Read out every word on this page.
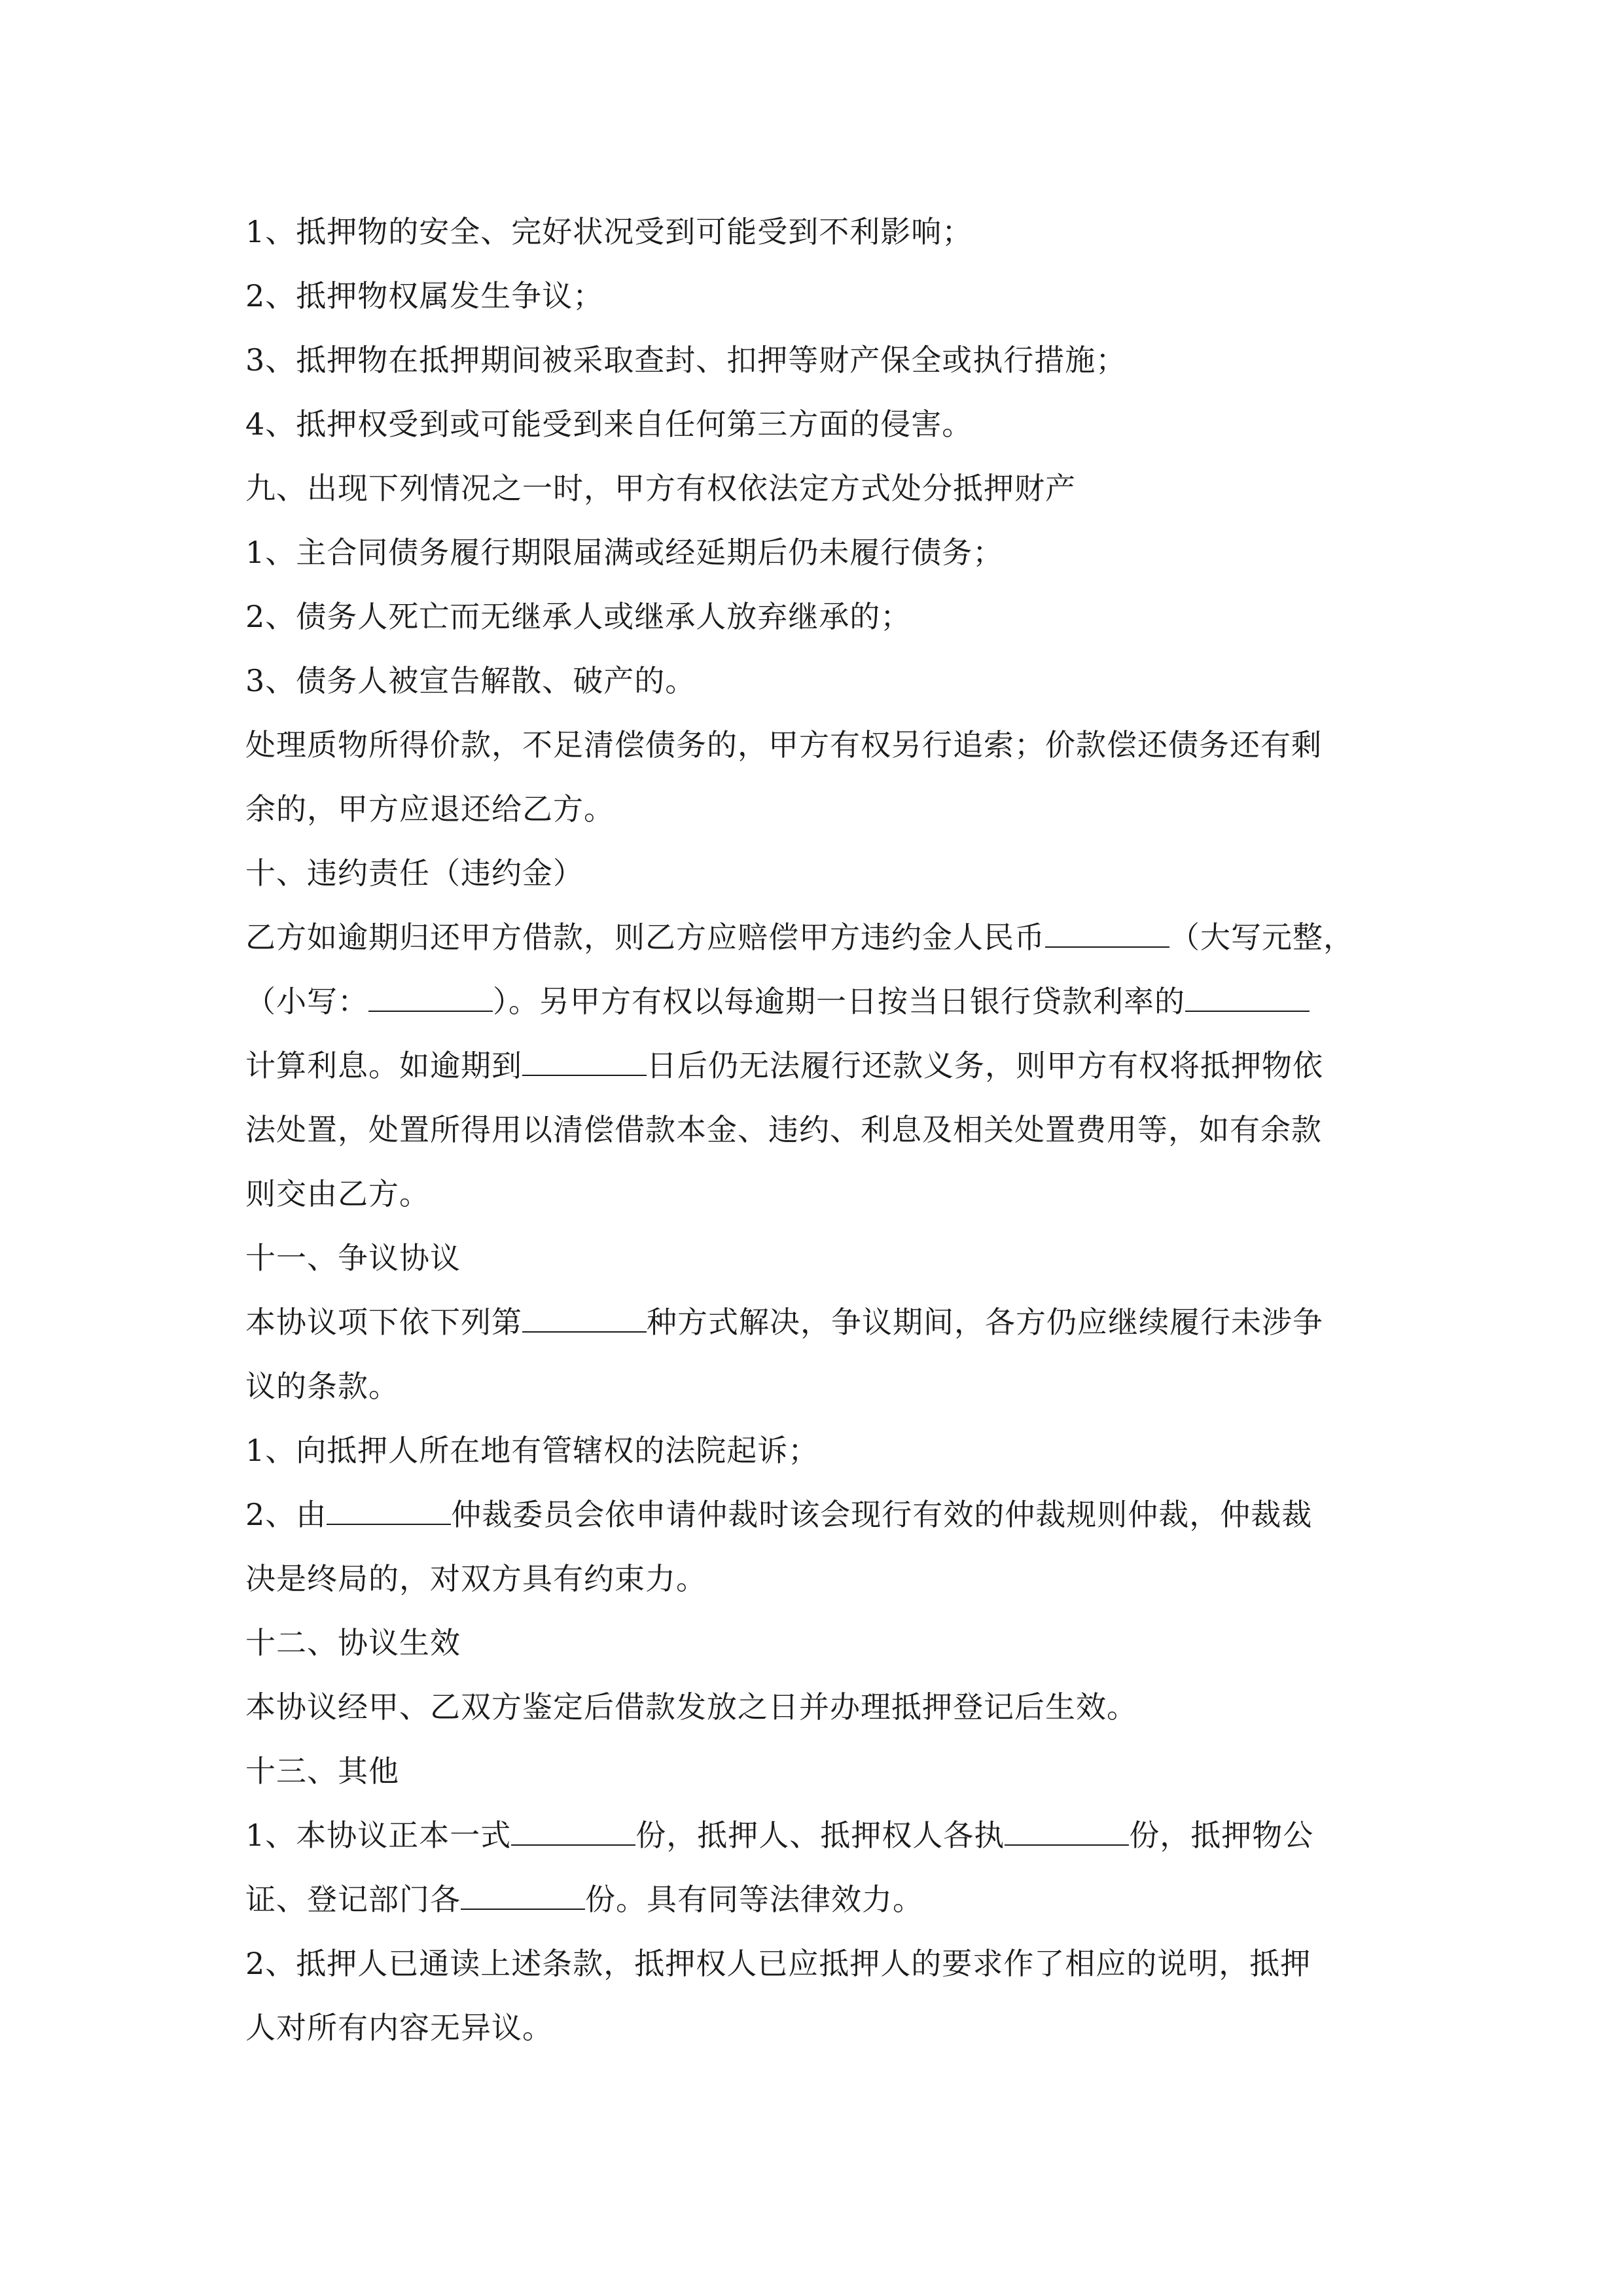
1、抵押物的安全、完好状况受到可能受到不利影响；
2、抵押物权属发生争议；
3、抵押物在抵押期间被采取查封、扣押等财产保全或执行措施；
4、抵押权受到或可能受到来自任何第三方面的侵害。
九、出现下列情况之一时，甲方有权依法定方式处分抵押财产
1、主合同债务履行期限届满或经延期后仍未履行债务；
2、债务人死亡而无继承人或继承人放弃继承的；
3、债务人被宣告解散、破产的。
处理质物所得价款，不足清偿债务的，甲方有权另行追索；价款偿还债务还有剩
余的，甲方应退还给乙方。
十、违约责任（违约金）
乙方如逾期归还甲方借款，则乙方应赔偿甲方违约金人民币	（大写元整，
（小写：	）。另甲方有权以每逾期一日按当日银行贷款利率的
计算利息。如逾期到	日后仍无法履行还款义务，则甲方有权将抵押物依
法处置，处置所得用以清偿借款本金、违约、利息及相关处置费用等，如有余款
则交由乙方。
十一、争议协议
本协议项下依下列第	种方式解决，争议期间，各方仍应继续履行未涉争
议的条款。
1、向抵押人所在地有管辖权的法院起诉；
2、由	仲裁委员会依申请仲裁时该会现行有效的仲裁规则仲裁，仲裁裁
决是终局的，对双方具有约束力。
十二、协议生效
本协议经甲、乙双方鉴定后借款发放之日并办理抵押登记后生效。
十三、其他
1、本协议正本一式	份，抵押人、抵押权人各执	份，抵押物公
证、登记部门各	份。具有同等法律效力。
2、抵押人已通读上述条款，抵押权人已应抵押人的要求作了相应的说明，抵押
人对所有内容无异议。
